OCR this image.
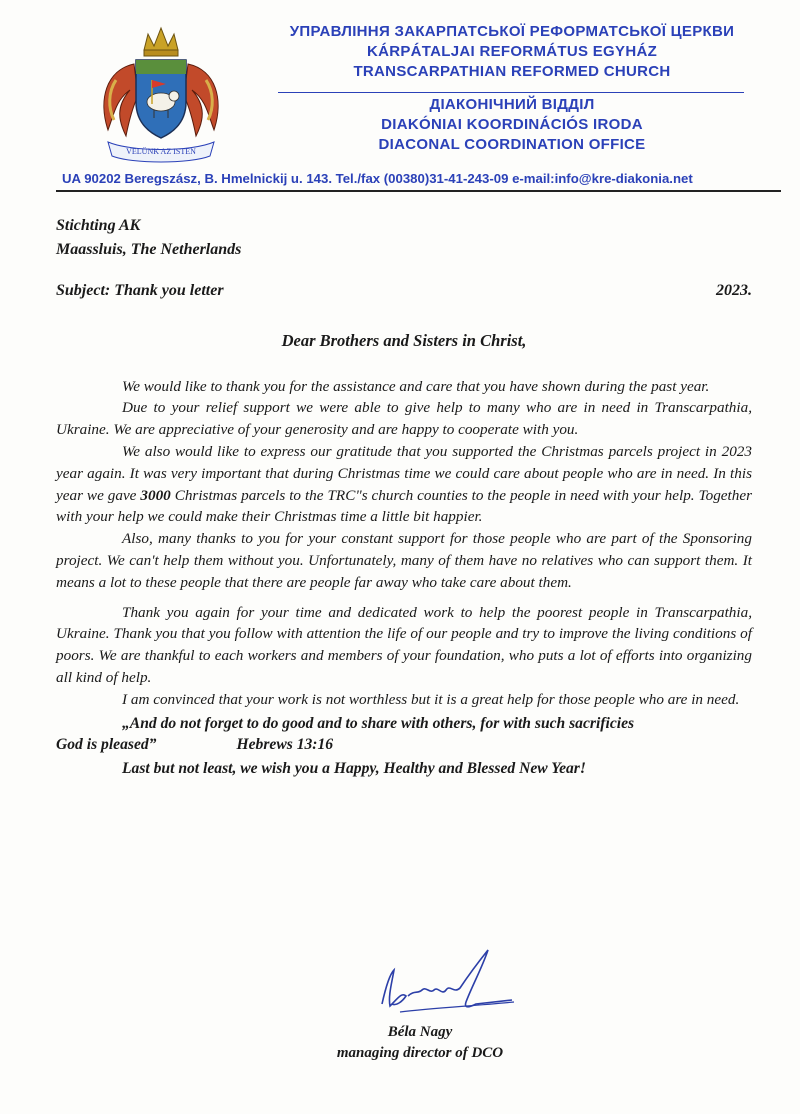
VELÜNK AZ ISTEN
УПРАВЛІННЯ ЗАКАРПАТСЬКОЇ РЕФОРМАТСЬКОЇ ЦЕРКВИ
KÁRPÁTALJAI REFORMÁTUS EGYHÁZ
TRANSCARPATHIAN REFORMED CHURCH
ДІАКОНІЧНИЙ ВІДДІЛ
DIAKÓNIAI KOORDINÁCIÓS IRODA
DIACONAL COORDINATION OFFICE
UA 90202 Beregszász, B. Hmelnickij u. 143. Tel./fax (00380)31-41-243-09 e-mail:info@kre-diakonia.net
Stichting AK
Maassluis, The Netherlands
Subject: Thank you letter	2023.
Dear Brothers and Sisters in Christ,

We would like to thank you for the assistance and care that you have shown during the past year.

Due to your relief support we were able to give help to many who are in need in Transcarpathia, Ukraine. We are appreciative of your generosity and are happy to cooperate with you.

We also would like to express our gratitude that you supported the Christmas parcels project in 2023 year again. It was very important that during Christmas time we could care about people who are in need. In this year we gave 3000 Christmas parcels to the TRC"s church counties to the people in need with your help. Together with your help we could make their Christmas time a little bit happier.

Also, many thanks to you for your constant support for those people who are part of the Sponsoring project. We can't help them without you. Unfortunately, many of them have no relatives who can support them. It means a lot to these people that there are people far away who take care about them.

Thank you again for your time and dedicated work to help the poorest people in Transcarpathia, Ukraine. Thank you that you follow with attention the life of our people and try to improve the living conditions of poors. We are thankful to each workers and members of your foundation, who puts a lot of efforts into organizing all kind of help.

I am convinced that your work is not worthless but it is a great help for those people who are in need.

„And do not forget to do good and to share with others, for with such sacrificies

God is pleased”	Hebrews 13:16

Last but not least, we wish you a Happy, Healthy and Blessed New Year!

Béla Nagy
managing director of DCO
